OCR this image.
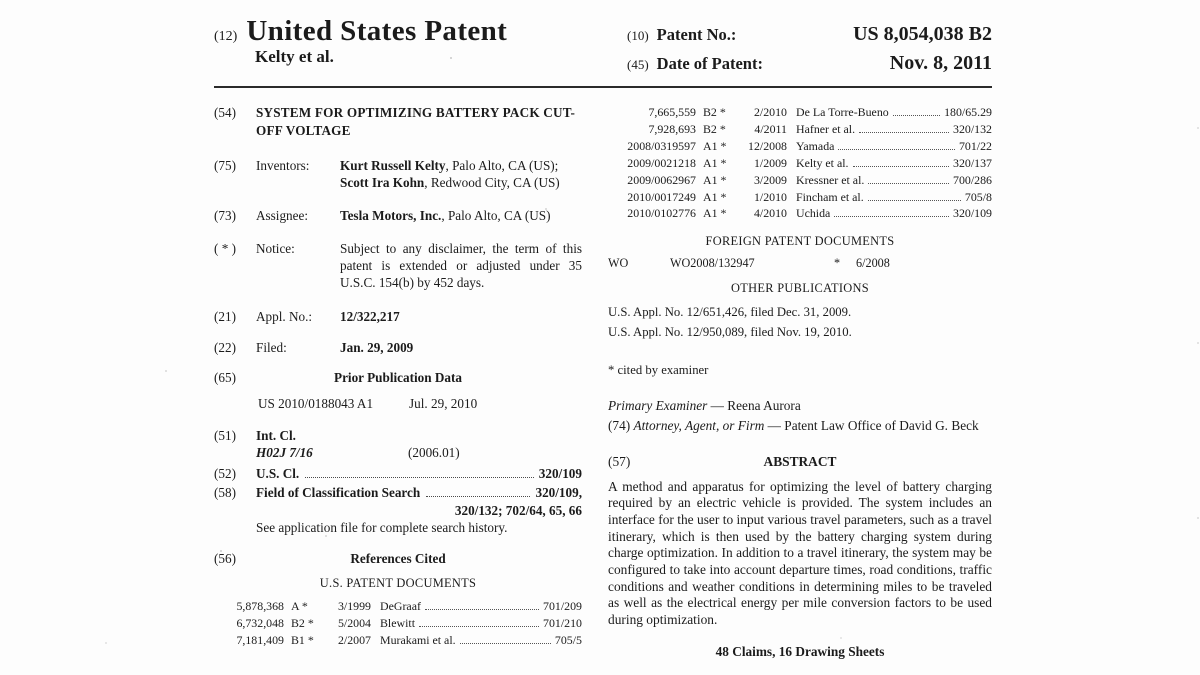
(12) United States Patent
Kelty et al.
(10) Patent No.:	US 8,054,038 B2
(45) Date of Patent:	Nov. 8, 2011
(54)	SYSTEM FOR OPTIMIZING BATTERY PACK CUT-OFF VOLTAGE
(75)	Inventors:	Kurt Russell Kelty, Palo Alto, CA (US); Scott Ira Kohn, Redwood City, CA (US)
(73)	Assignee:	Tesla Motors, Inc., Palo Alto, CA (US)
( * )	Notice:	Subject to any disclaimer, the term of this patent is extended or adjusted under 35 U.S.C. 154(b) by 452 days.
(21)	Appl. No.:	12/322,217
(22)	Filed:	Jan. 29, 2009
(65)	Prior Publication Data
US 2010/0188043 A1	Jul. 29, 2010
(51)	Int. Cl.
H02J 7/16	(2006.01)
(52)	U.S. Cl.	320/109
(58)	Field of Classification Search	320/109,
320/132; 702/64, 65, 66
See application file for complete search history.
(56)	References Cited
U.S. PATENT DOCUMENTS
5,878,368 A *	3/1999 DeGraaf	701/209
6,732,048 B2 *	5/2004 Blewitt	701/210
7,181,409 B1 *	2/2007 Murakami et al.	705/5
7,665,559 B2 *	2/2010 De La Torre-Bueno	180/65.29
7,928,693 B2 *	4/2011 Hafner et al.	320/132
2008/0319597 A1 *	12/2008 Yamada	701/22
2009/0021218 A1 *	1/2009 Kelty et al.	320/137
2009/0062967 A1 *	3/2009 Kressner et al.	700/286
2010/0017249 A1 *	1/2010 Fincham et al.	705/8
2010/0102776 A1 *	4/2010 Uchida	320/109
FOREIGN PATENT DOCUMENTS
WO	WO2008/132947	*	6/2008
OTHER PUBLICATIONS
U.S. Appl. No. 12/651,426, filed Dec. 31, 2009.
U.S. Appl. No. 12/950,089, filed Nov. 19, 2010.
* cited by examiner
Primary Examiner — Reena Aurora
(74) Attorney, Agent, or Firm — Patent Law Office of David G. Beck
(57)	ABSTRACT
A method and apparatus for optimizing the level of battery charging required by an electric vehicle is provided. The system includes an interface for the user to input various travel parameters, such as a travel itinerary, which is then used by the battery charging system during charge optimization. In addition to a travel itinerary, the system may be configured to take into account departure times, road conditions, traffic conditions and weather conditions in determining miles to be traveled as well as the electrical energy per mile conversion factors to be used during optimization.
48 Claims, 16 Drawing Sheets
